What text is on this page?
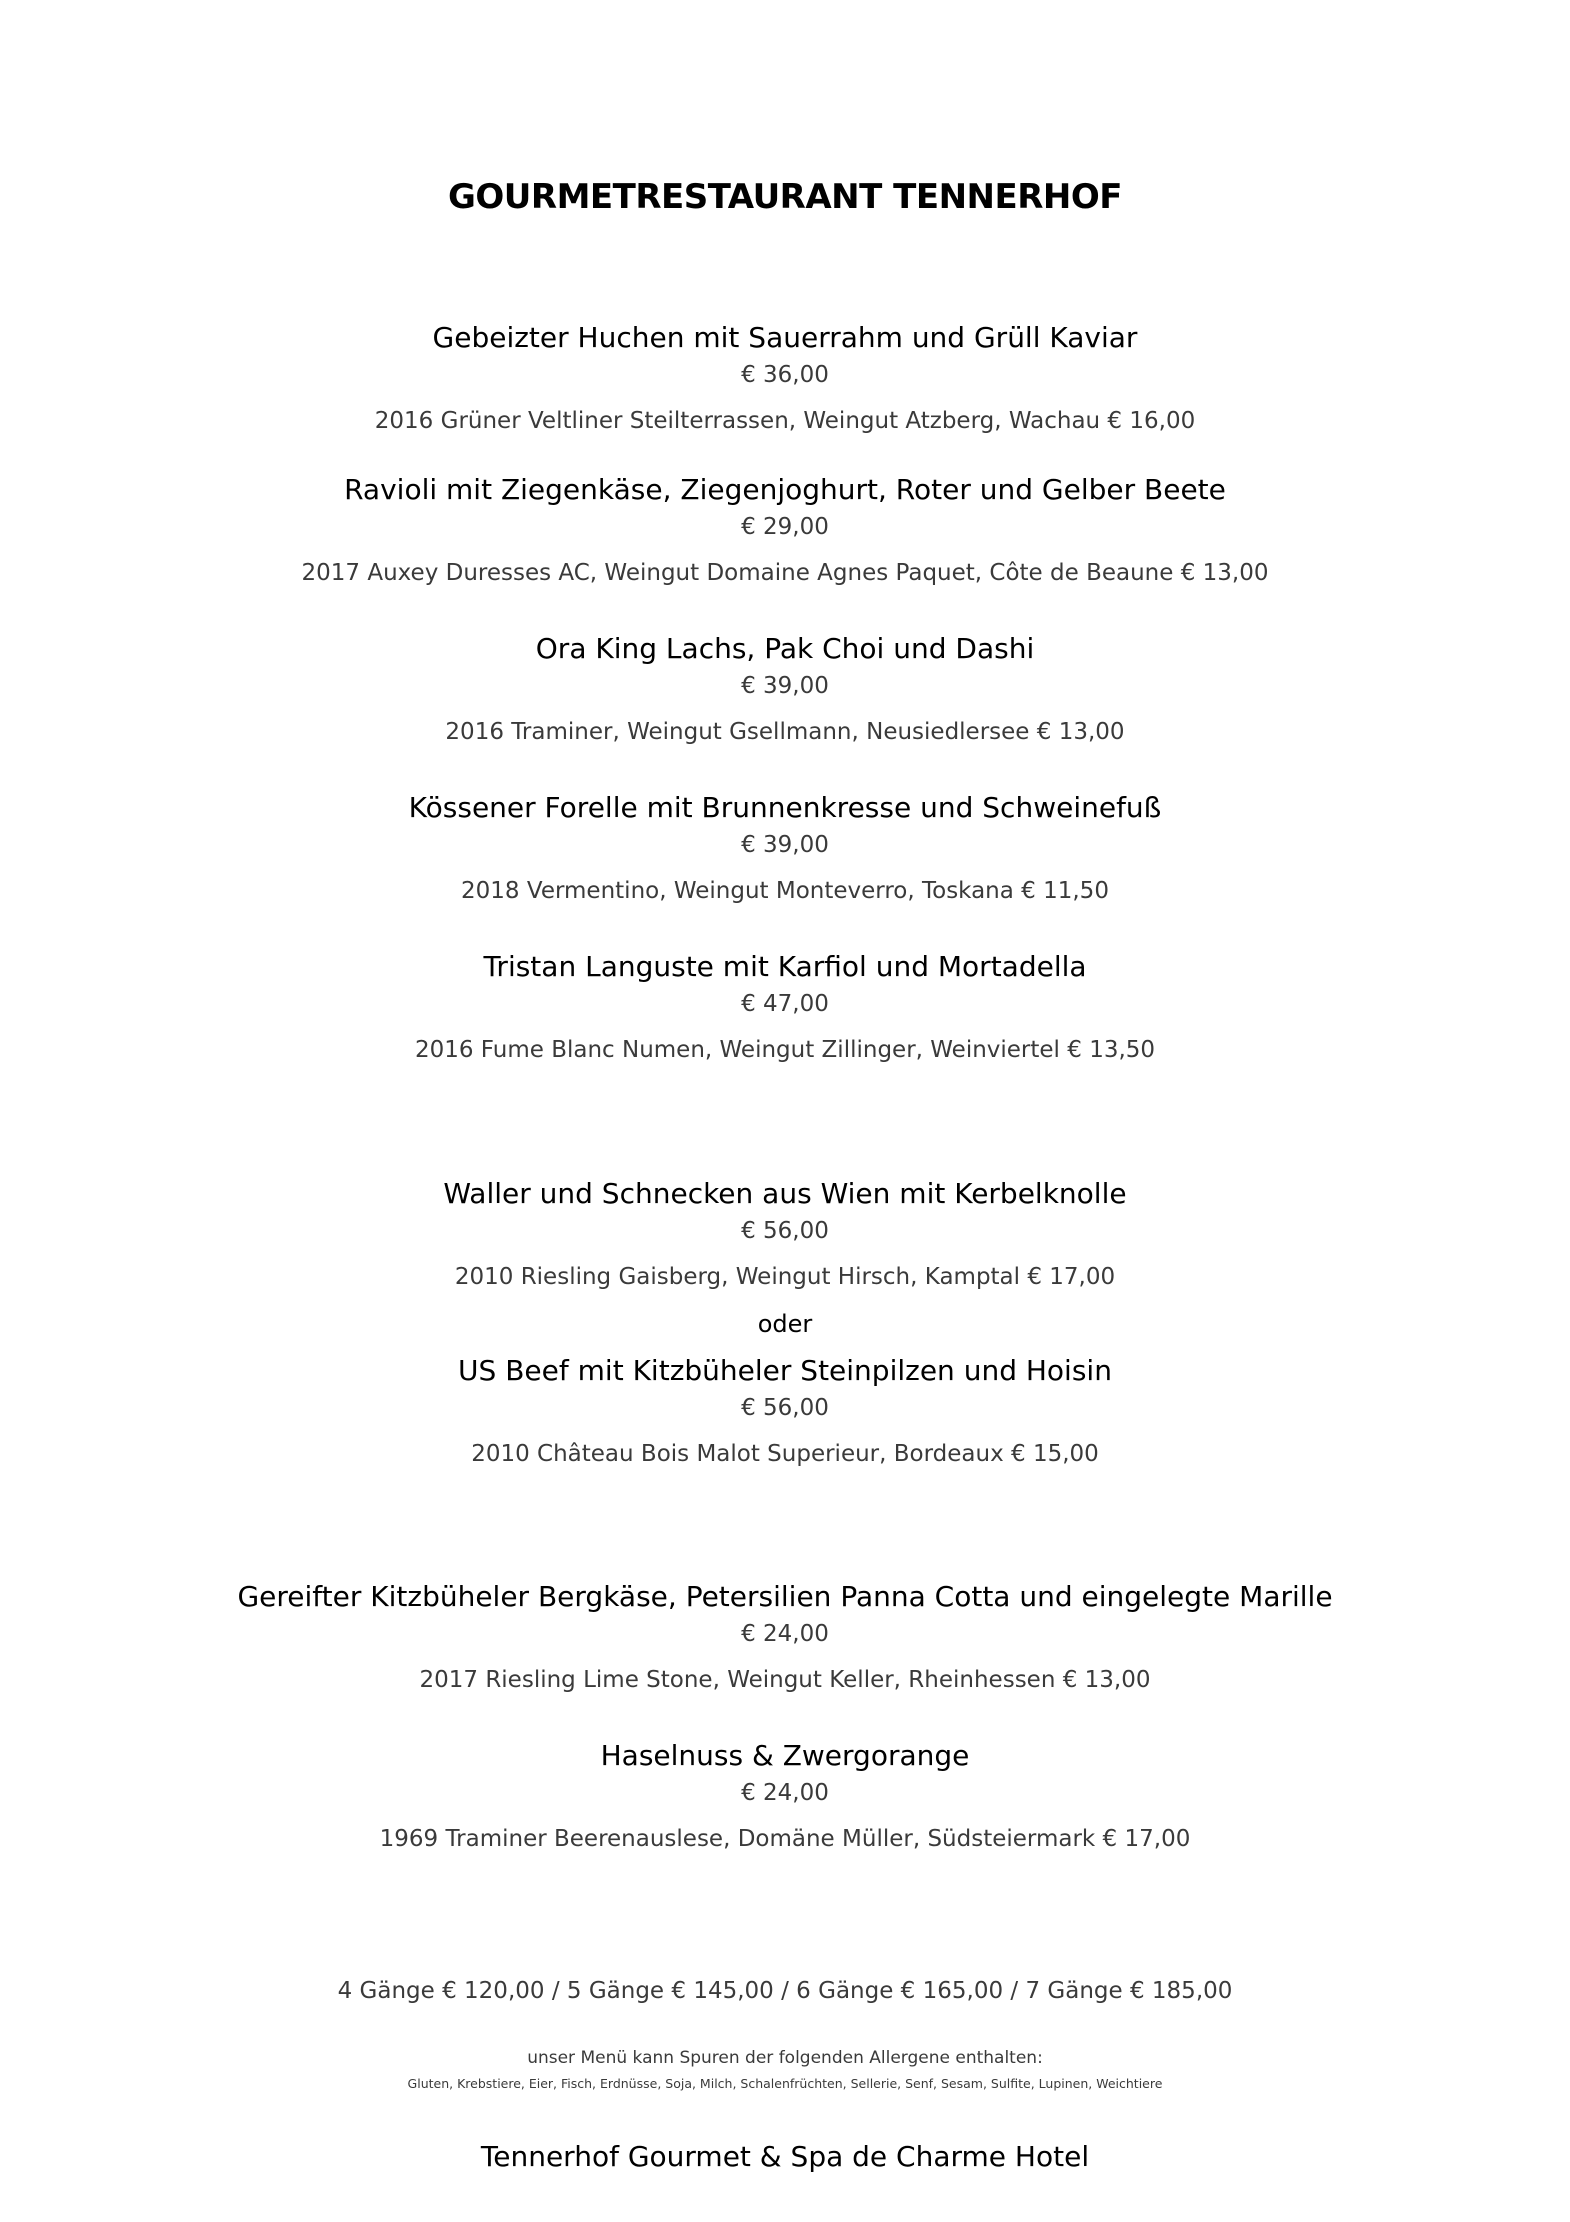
GOURMETRESTAURANT TENNERHOF
Gebeizter Huchen mit Sauerrahm und Grüll Kaviar
€ 36,00
2016 Grüner Veltliner Steilterrassen, Weingut Atzberg, Wachau € 16,00
Ravioli mit Ziegenkäse, Ziegenjoghurt, Roter und Gelber Beete
€ 29,00
2017 Auxey Duresses AC, Weingut Domaine Agnes Paquet, Côte de Beaune € 13,00
Ora King Lachs, Pak Choi und Dashi
€ 39,00
2016 Traminer, Weingut Gsellmann, Neusiedlersee € 13,00
Kössener Forelle mit Brunnenkresse und Schweinefuß
€ 39,00
2018 Vermentino, Weingut Monteverro, Toskana € 11,50
Tristan Languste mit Karfiol und Mortadella
€ 47,00
2016 Fume Blanc Numen, Weingut Zillinger, Weinviertel € 13,50
Waller und Schnecken aus Wien mit Kerbelknolle
€ 56,00
2010 Riesling Gaisberg, Weingut Hirsch, Kamptal € 17,00
oder
US Beef mit Kitzbüheler Steinpilzen und Hoisin
€ 56,00
2010 Château Bois Malot Superieur, Bordeaux € 15,00
Gereifter Kitzbüheler Bergkäse, Petersilien Panna Cotta und eingelegte Marille
€ 24,00
2017 Riesling Lime Stone, Weingut Keller, Rheinhessen € 13,00
Haselnuss & Zwergorange
€ 24,00
1969 Traminer Beerenauslese, Domäne Müller, Südsteiermark € 17,00
4 Gänge € 120,00 / 5 Gänge € 145,00 / 6 Gänge € 165,00 / 7 Gänge € 185,00
unser Menü kann Spuren der folgenden Allergene enthalten:
Gluten, Krebstiere, Eier, Fisch, Erdnüsse, Soja, Milch, Schalenfrüchten, Sellerie, Senf, Sesam, Sulfite, Lupinen, Weichtiere
Tennerhof Gourmet & Spa de Charme Hotel
